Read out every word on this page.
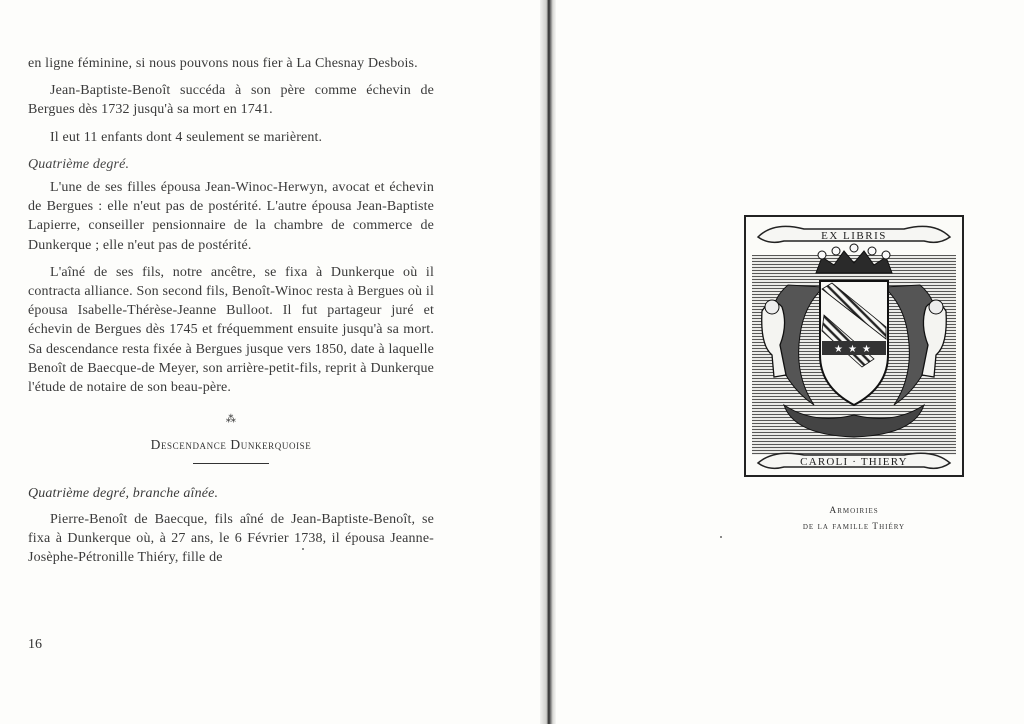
en ligne féminine, si nous pouvons nous fier à La Chesnay Desbois.

Jean-Baptiste-Benoît succéda à son père comme échevin de Bergues dès 1732 jusqu'à sa mort en 1741.

Il eut 11 enfants dont 4 seulement se marièrent.

Quatrième degré.

L'une de ses filles épousa Jean-Winoc-Herwyn, avocat et échevin de Bergues : elle n'eut pas de postérité. L'autre épousa Jean-Baptiste Lapierre, conseiller pensionnaire de la chambre de commerce de Dunkerque ; elle n'eut pas de postérité.

L'aîné de ses fils, notre ancêtre, se fixa à Dunkerque où il contracta alliance. Son second fils, Benoît-Winoc resta à Bergues où il épousa Isabelle-Thérèse-Jeanne Bulloot. Il fut partageur juré et échevin de Bergues dès 1745 et fréquemment ensuite jusqu'à sa mort. Sa descendance resta fixée à Bergues jusque vers 1850, date à laquelle Benoît de Baecque-de Meyer, son arrière-petit-fils, reprit à Dunkerque l'étude de notaire de son beau-père.

⁂
Descendance Dunkerquoise
Quatrième degré, branche aînée.

Pierre-Benoît de Baecque, fils aîné de Jean-Baptiste-Benoît, se fixa à Dunkerque où, à 27 ans, le 6 Février 1738, il épousa Jeanne-Josèphe-Pétronille Thiéry, fille de

16
EX LIBRIS
★ ★ ★
CAROLI · THIERY
Armoiries
de la famille Thiéry
